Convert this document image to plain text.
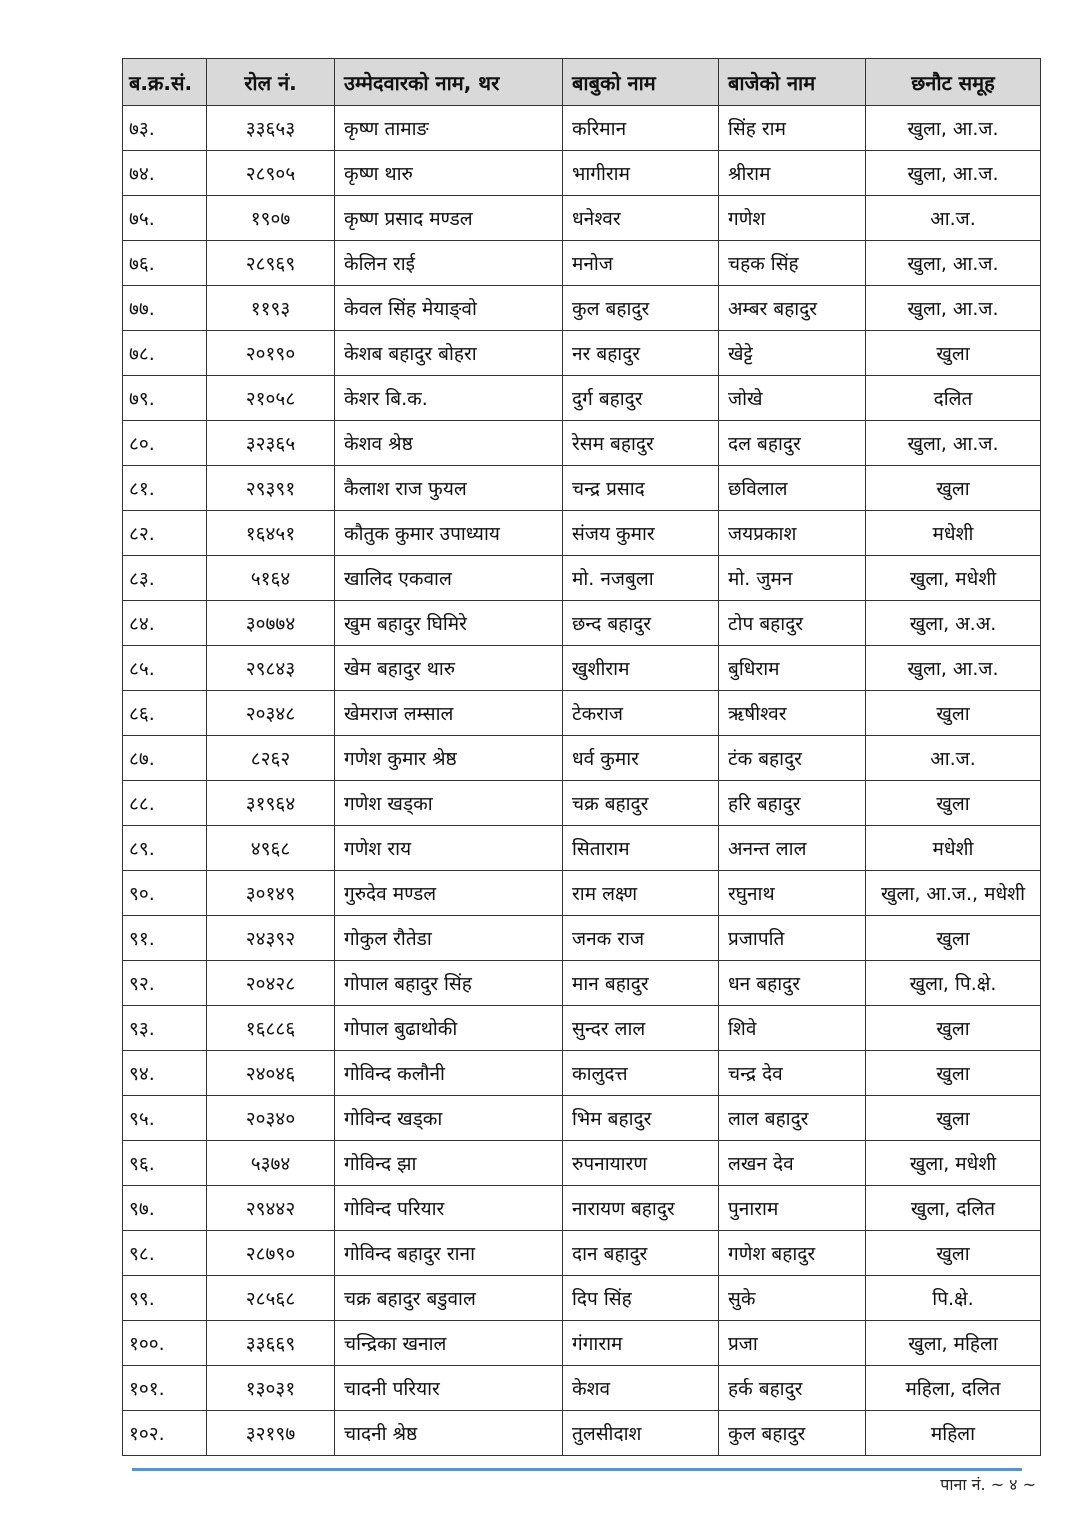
ब.क्र.सं.	रोल नं.	उम्मेदवारको नाम, थर	बाबुको नाम	बाजेको नाम	छनौट समूह
७३.	३३६५३	कृष्ण तामाङ	करिमान	सिंह राम	खुला, आ.ज.
७४.	२८९०५	कृष्ण थारु	भागीराम	श्रीराम	खुला, आ.ज.
७५.	१९०७	कृष्ण प्रसाद मण्डल	धनेश्वर	गणेश	आ.ज.
७६.	२८९६९	केलिन राई	मनोज	चहक सिंह	खुला, आ.ज.
७७.	११९३	केवल सिंह मेयाङ्वो	कुल बहादुर	अम्बर बहादुर	खुला, आ.ज.
७८.	२०१९०	केशब बहादुर बोहरा	नर बहादुर	खेट्टे	खुला
७९.	२१०५८	केशर बि.क.	दुर्ग बहादुर	जोखे	दलित
८०.	३२३६५	केशव श्रेष्ठ	रेसम बहादुर	दल बहादुर	खुला, आ.ज.
८१.	२९३९१	कैलाश राज फुयल	चन्द्र प्रसाद	छविलाल	खुला
८२.	१६४५१	कौतुक कुमार उपाध्याय	संजय कुमार	जयप्रकाश	मधेशी
८३.	५१६४	खालिद एकवाल	मो. नजबुला	मो. जुमन	खुला, मधेशी
८४.	३०७७४	खुम बहादुर घिमिरे	छन्द बहादुर	टोप बहादुर	खुला, अ.अ.
८५.	२९८४३	खेम बहादुर थारु	खुशीराम	बुधिराम	खुला, आ.ज.
८६.	२०३४८	खेमराज लम्साल	टेकराज	ऋषीश्वर	खुला
८७.	८२६२	गणेश कुमार श्रेष्ठ	धर्व कुमार	टंक बहादुर	आ.ज.
८८.	३१९६४	गणेश खड्का	चक्र बहादुर	हरि बहादुर	खुला
८९.	४९६८	गणेश राय	सिताराम	अनन्त लाल	मधेशी
९०.	३०१४९	गुरुदेव मण्डल	राम लक्ष्ण	रघुनाथ	खुला, आ.ज., मधेशी
९१.	२४३९२	गोकुल रौतेडा	जनक राज	प्रजापति	खुला
९२.	२०४२८	गोपाल बहादुर सिंह	मान बहादुर	धन बहादुर	खुला, पि.क्षे.
९३.	१६८८६	गोपाल बुढाथोकी	सुन्दर लाल	शिवे	खुला
९४.	२४०४६	गोविन्द कलौनी	कालुदत्त	चन्द्र देव	खुला
९५.	२०३४०	गोविन्द खड्का	भिम बहादुर	लाल बहादुर	खुला
९६.	५३७४	गोविन्द झा	रुपनायारण	लखन देव	खुला, मधेशी
९७.	२९४४२	गोविन्द परियार	नारायण बहादुर	पुनाराम	खुला, दलित
९८.	२८७९०	गोविन्द बहादुर राना	दान बहादुर	गणेश बहादुर	खुला
९९.	२८५६८	चक्र बहादुर बडुवाल	दिप सिंह	सुके	पि.क्षे.
१००.	३३६६९	चन्द्रिका खनाल	गंगाराम	प्रजा	खुला, महिला
१०१.	१३०३१	चादनी परियार	केशव	हर्क बहादुर	महिला, दलित
१०२.	३२१९७	चादनी श्रेष्ठ	तुलसीदाश	कुल बहादुर	महिला
पाना नं. ~ ४ ~
